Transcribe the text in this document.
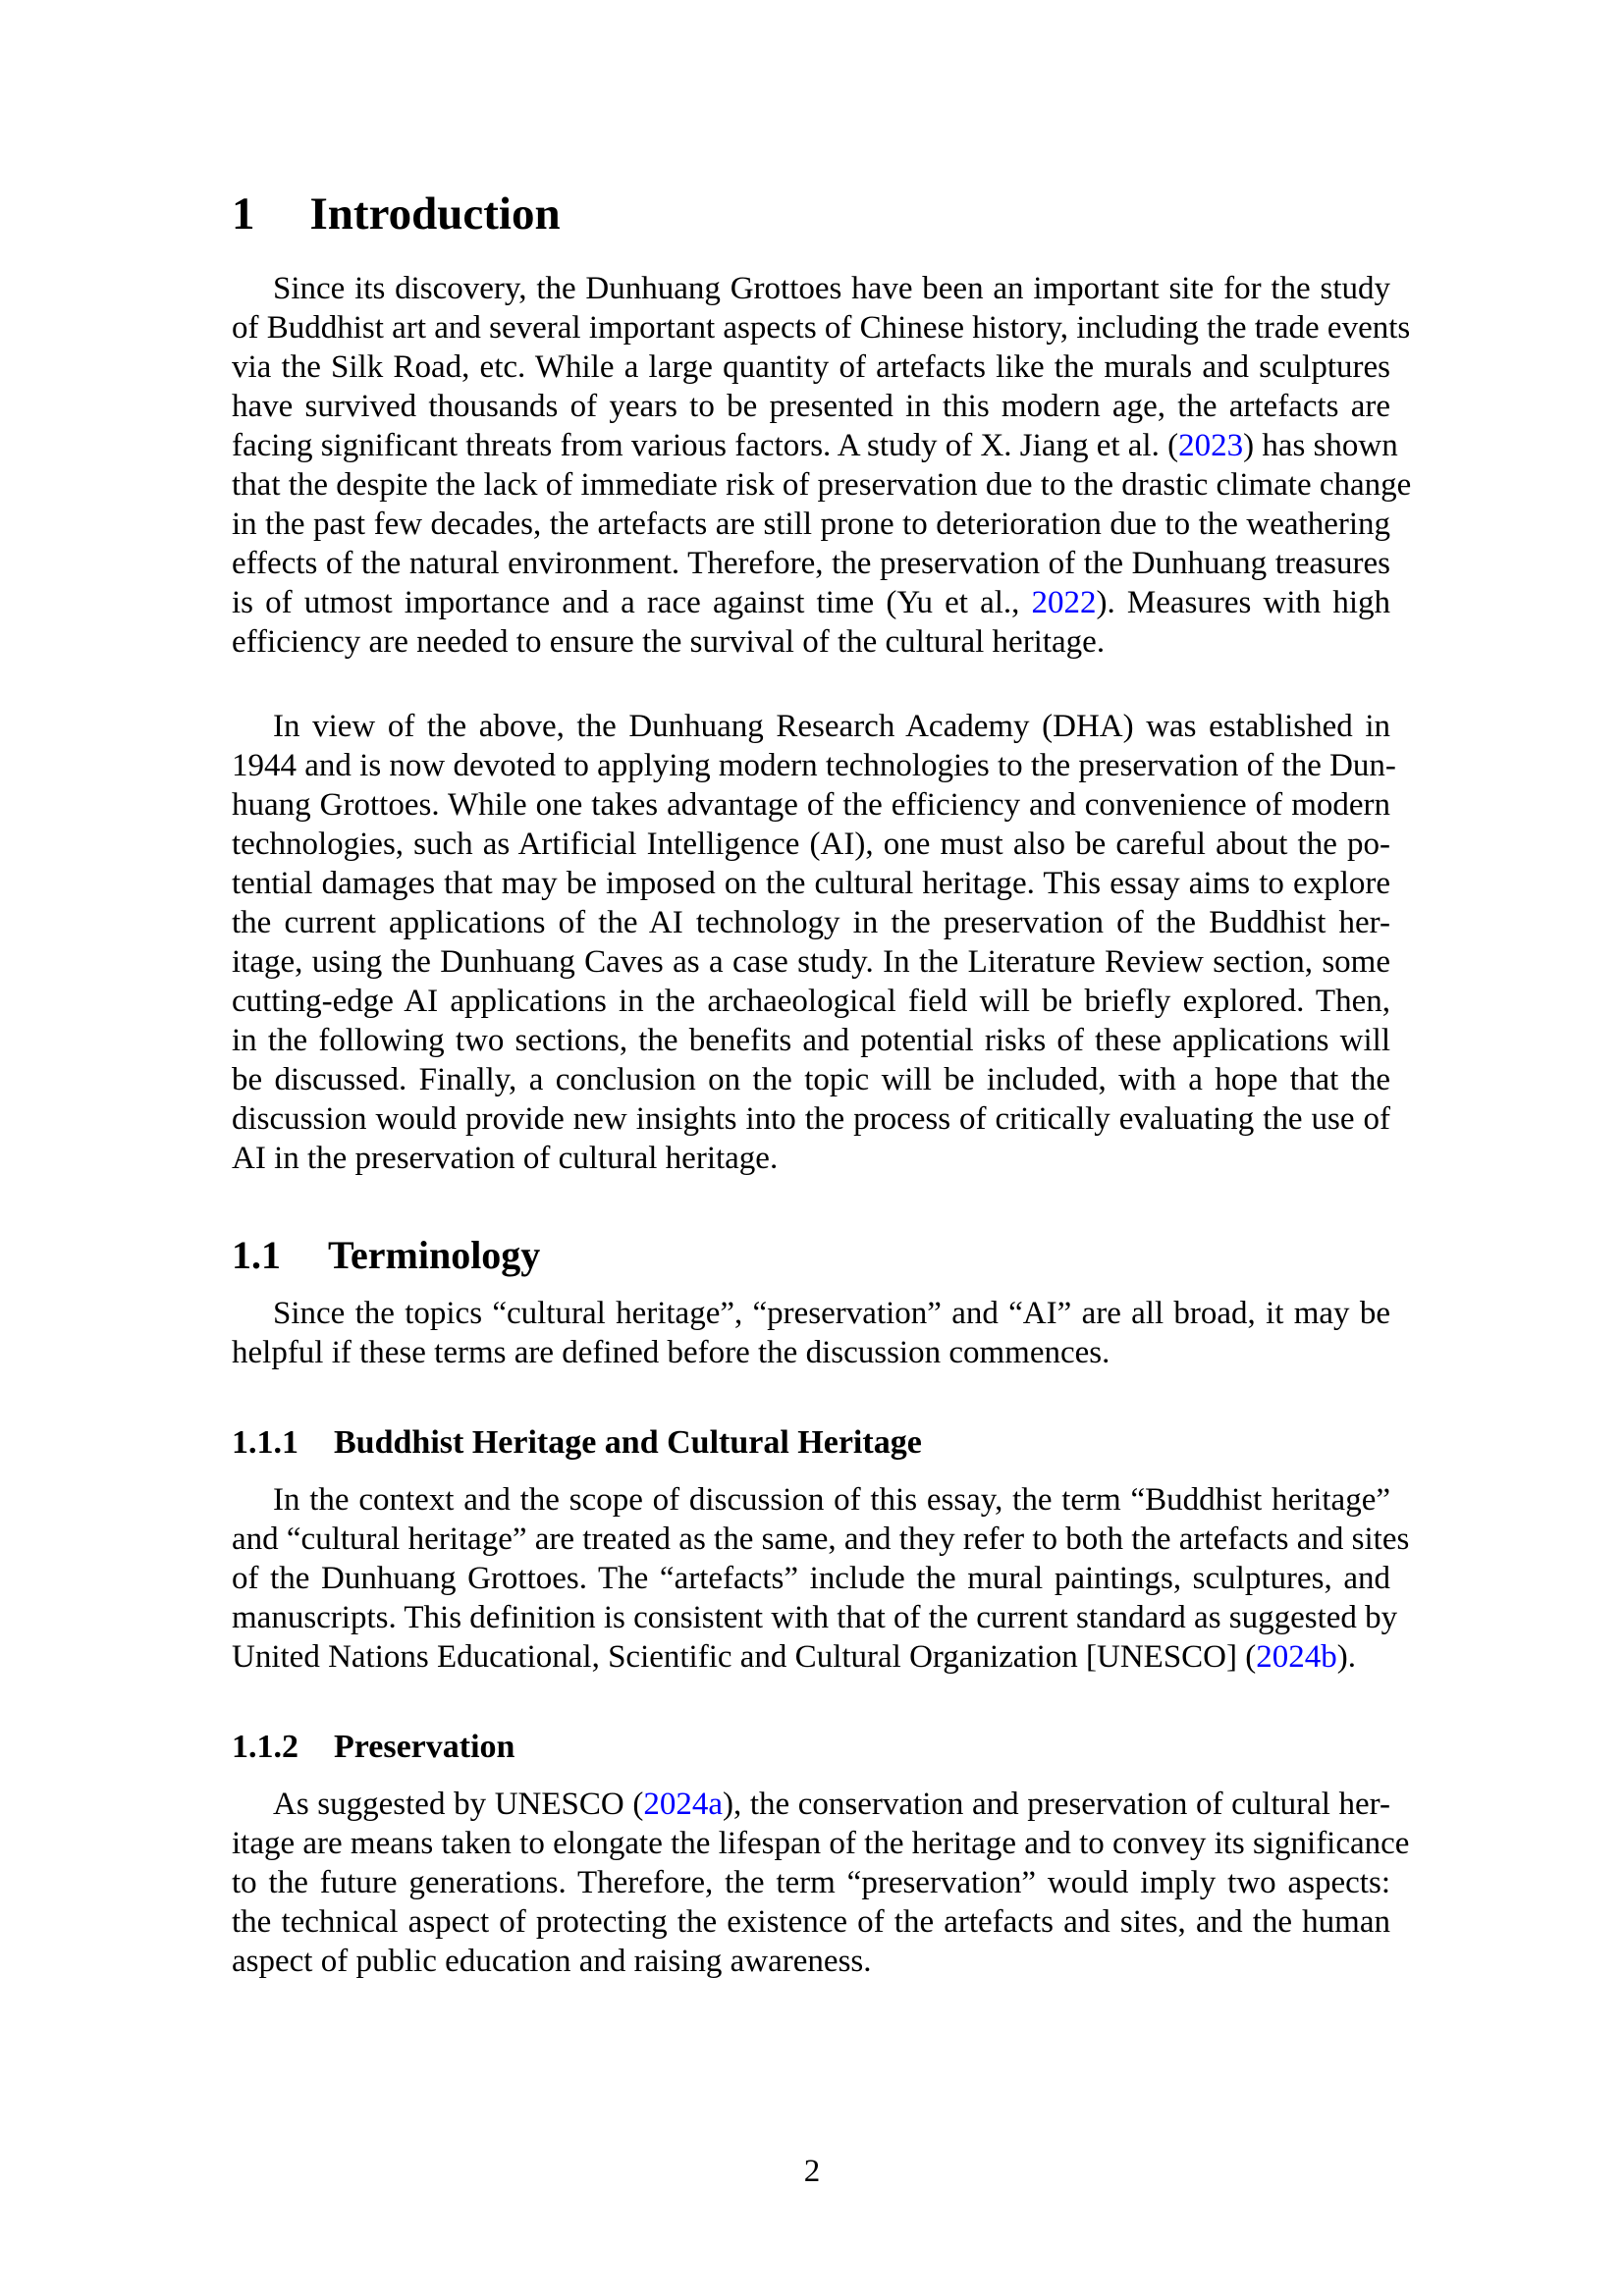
1 Introduction

Since its discovery, the Dunhuang Grottoes have been an important site for the study
of Buddhist art and several important aspects of Chinese history, including the trade events
via the Silk Road, etc. While a large quantity of artefacts like the murals and sculptures
have survived thousands of years to be presented in this modern age, the artefacts are
facing significant threats from various factors. A study of X. Jiang et al. (2023) has shown
that the despite the lack of immediate risk of preservation due to the drastic climate change
in the past few decades, the artefacts are still prone to deterioration due to the weathering
effects of the natural environment. Therefore, the preservation of the Dunhuang treasures
is of utmost importance and a race against time (Yu et al., 2022). Measures with high
efficiency are needed to ensure the survival of the cultural heritage.

In view of the above, the Dunhuang Research Academy (DHA) was established in
1944 and is now devoted to applying modern technologies to the preservation of the Dun-
huang Grottoes. While one takes advantage of the efficiency and convenience of modern
technologies, such as Artificial Intelligence (AI), one must also be careful about the po-
tential damages that may be imposed on the cultural heritage. This essay aims to explore
the current applications of the AI technology in the preservation of the Buddhist her-
itage, using the Dunhuang Caves as a case study. In the Literature Review section, some
cutting-edge AI applications in the archaeological field will be briefly explored. Then,
in the following two sections, the benefits and potential risks of these applications will
be discussed. Finally, a conclusion on the topic will be included, with a hope that the
discussion would provide new insights into the process of critically evaluating the use of
AI in the preservation of cultural heritage.

1.1 Terminology

Since the topics “cultural heritage”, “preservation” and “AI” are all broad, it may be
helpful if these terms are defined before the discussion commences.

1.1.1 Buddhist Heritage and Cultural Heritage

In the context and the scope of discussion of this essay, the term “Buddhist heritage”
and “cultural heritage” are treated as the same, and they refer to both the artefacts and sites
of the Dunhuang Grottoes. The “artefacts” include the mural paintings, sculptures, and
manuscripts. This definition is consistent with that of the current standard as suggested by
United Nations Educational, Scientific and Cultural Organization [UNESCO] (2024b).

1.1.2 Preservation

As suggested by UNESCO (2024a), the conservation and preservation of cultural her-
itage are means taken to elongate the lifespan of the heritage and to convey its significance
to the future generations. Therefore, the term “preservation” would imply two aspects:
the technical aspect of protecting the existence of the artefacts and sites, and the human
aspect of public education and raising awareness.

2
